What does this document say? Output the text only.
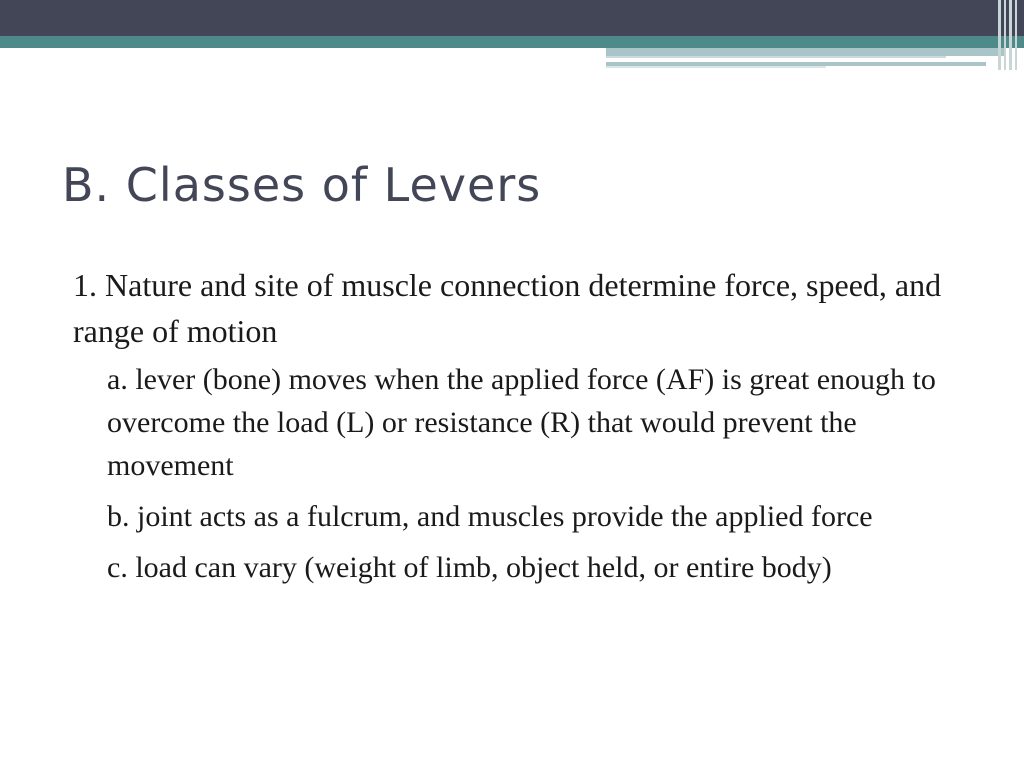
B. Classes of Levers

1. Nature and site of muscle connection determine force, speed, and range of motion

a. lever (bone) moves when the applied force (AF) is great enough to overcome the load (L) or resistance (R) that would prevent the movement

b. joint acts as a fulcrum, and muscles provide the applied force

c. load can vary (weight of limb, object held, or entire body)
